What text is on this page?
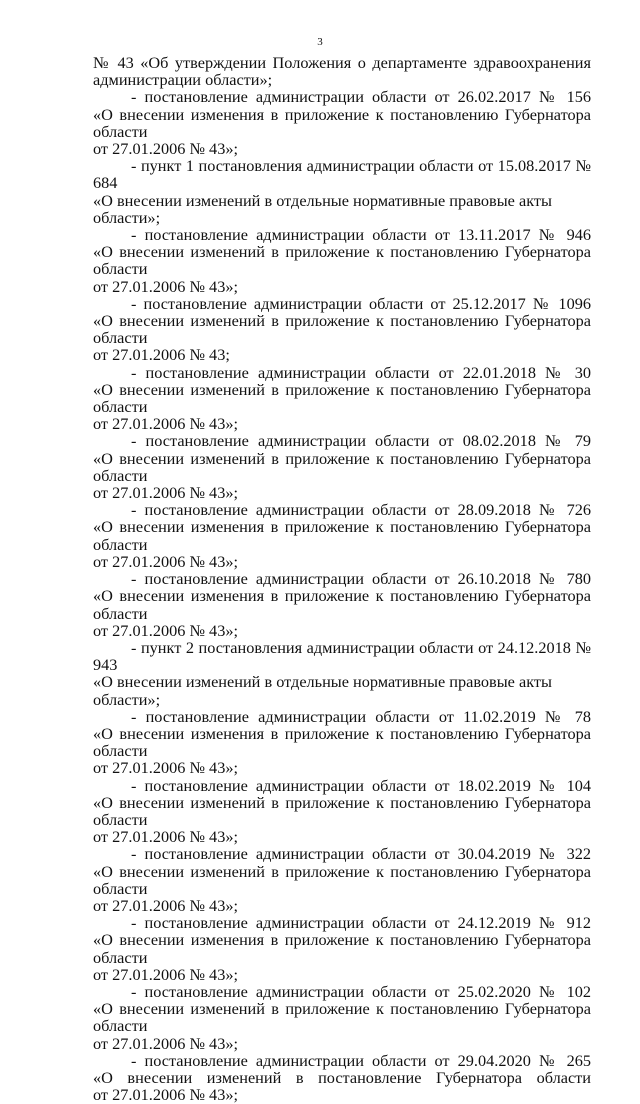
3
№ 43 «Об утверждении Положения о департаменте здравоохранения
администрации области»;
- постановление администрации области от 26.02.2017 № 156
«О внесении изменения в приложение к постановлению Губернатора области
от 27.01.2006 № 43»;
- пункт 1 постановления администрации области от 15.08.2017 № 684
«О внесении изменений в отдельные нормативные правовые акты области»;
- постановление администрации области от 13.11.2017 № 946
«О внесении изменений в приложение к постановлению Губернатора области
от 27.01.2006 № 43»;
- постановление администрации области от 25.12.2017 № 1096
«О внесении изменений в приложение к постановлению Губернатора области
от 27.01.2006 № 43;
- постановление администрации области от 22.01.2018 № 30
«О внесении изменений в приложение к постановлению Губернатора области
от 27.01.2006 № 43»;
- постановление администрации области от 08.02.2018 № 79
«О внесении изменений в приложение к постановлению Губернатора области
от 27.01.2006 № 43»;
- постановление администрации области от 28.09.2018 № 726
«О внесении изменения в приложение к постановлению Губернатора области
от 27.01.2006 № 43»;
- постановление администрации области от 26.10.2018 № 780
«О внесении изменения в приложение к постановлению Губернатора области
от 27.01.2006 № 43»;
- пункт 2 постановления администрации области от 24.12.2018 № 943
«О внесении изменений в отдельные нормативные правовые акты области»;
- постановление администрации области от 11.02.2019 № 78
«О внесении изменения в приложение к постановлению Губернатора области
от 27.01.2006 № 43»;
- постановление администрации области от 18.02.2019 № 104
«О внесении изменений в приложение к постановлению Губернатора области
от 27.01.2006 № 43»;
- постановление администрации области от 30.04.2019 № 322
«О внесении изменений в приложение к постановлению Губернатора области
от 27.01.2006 № 43»;
- постановление администрации области от 24.12.2019 № 912
«О внесении изменения в приложение к постановлению Губернатора области
от 27.01.2006 № 43»;
- постановление администрации области от 25.02.2020 № 102
«О внесении изменений в приложение к постановлению Губернатора области
от 27.01.2006 № 43»;
- постановление администрации области от 29.04.2020 № 265
«О внесении изменений в постановление Губернатора области
от 27.01.2006 № 43»;
